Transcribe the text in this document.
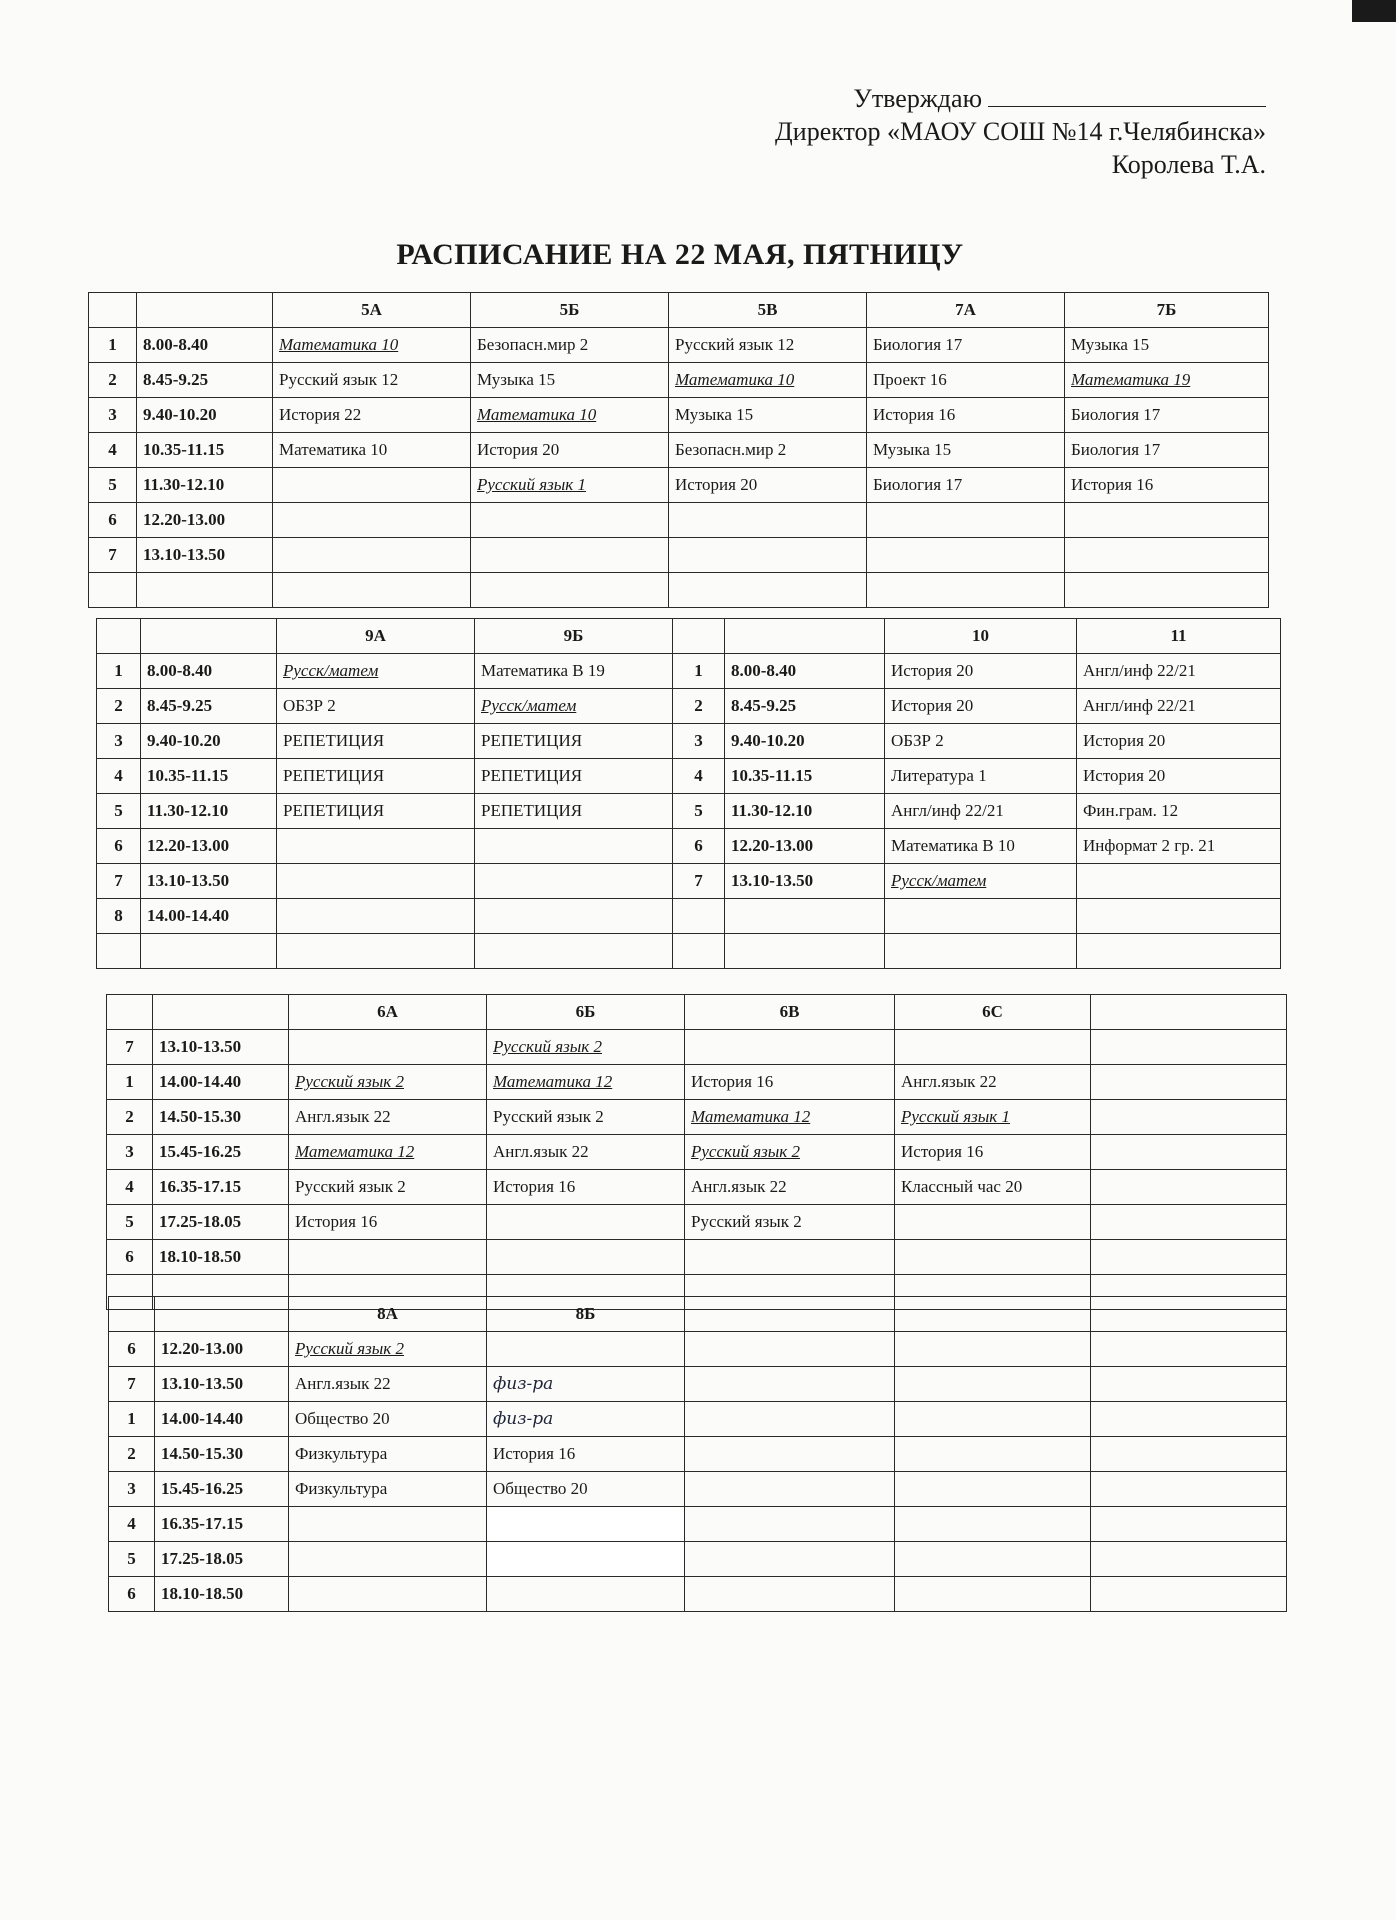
Утверждаю
Директор «МАОУ СОШ №14 г.Челябинска»
Королева Т.А.
РАСПИСАНИЕ НА 22 МАЯ, ПЯТНИЦУ
		5А	5Б	5В	7А	7Б
1	8.00-8.40	Математика 10	Безопасн.мир 2	Русский язык 12	Биология 17	Музыка 15
2	8.45-9.25	Русский язык 12	Музыка 15	Математика 10	Проект 16	Математика 19
3	9.40-10.20	История 22	Математика 10	Музыка 15	История 16	Биология 17
4	10.35-11.15	Математика 10	История 20	Безопасн.мир 2	Музыка 15	Биология 17
5	11.30-12.10		Русский язык 1	История 20	Биология 17	История 16
6	12.20-13.00					
7	13.10-13.50					

		9А	9Б			10	11
1	8.00-8.40	Русск/матем	Математика В 19	1	8.00-8.40	История 20	Англ/инф 22/21
2	8.45-9.25	ОБЗР 2	Русск/матем	2	8.45-9.25	История 20	Англ/инф 22/21
3	9.40-10.20	РЕПЕТИЦИЯ	РЕПЕТИЦИЯ	3	9.40-10.20	ОБЗР 2	История 20
4	10.35-11.15	РЕПЕТИЦИЯ	РЕПЕТИЦИЯ	4	10.35-11.15	Литература 1	История 20
5	11.30-12.10	РЕПЕТИЦИЯ	РЕПЕТИЦИЯ	5	11.30-12.10	Англ/инф 22/21	Фин.грам. 12
6	12.20-13.00			6	12.20-13.00	Математика В 10	Информат 2 гр. 21
7	13.10-13.50			7	13.10-13.50	Русск/матем	
8	14.00-14.40						

		6А	6Б	6В	6С	
7	13.10-13.50		Русский язык 2			
1	14.00-14.40	Русский язык 2	Математика 12	История 16	Англ.язык 22	
2	14.50-15.30	Англ.язык 22	Русский язык 2	Математика 12	Русский язык 1	
3	15.45-16.25	Математика 12	Англ.язык 22	Русский язык 2	История 16	
4	16.35-17.15	Русский язык 2	История 16	Англ.язык 22	Классный час 20	
5	17.25-18.05	История 16		Русский язык 2		
6	18.10-18.50					

		8А	8Б			
6	12.20-13.00	Русский язык 2				
7	13.10-13.50	Англ.язык 22	физ-ра			
1	14.00-14.40	Общество 20	физ-ра			
2	14.50-15.30	Физкультура	История 16			
3	15.45-16.25	Физкультура	Общество 20			
4	16.35-17.15					
5	17.25-18.05					
6	18.10-18.50					
